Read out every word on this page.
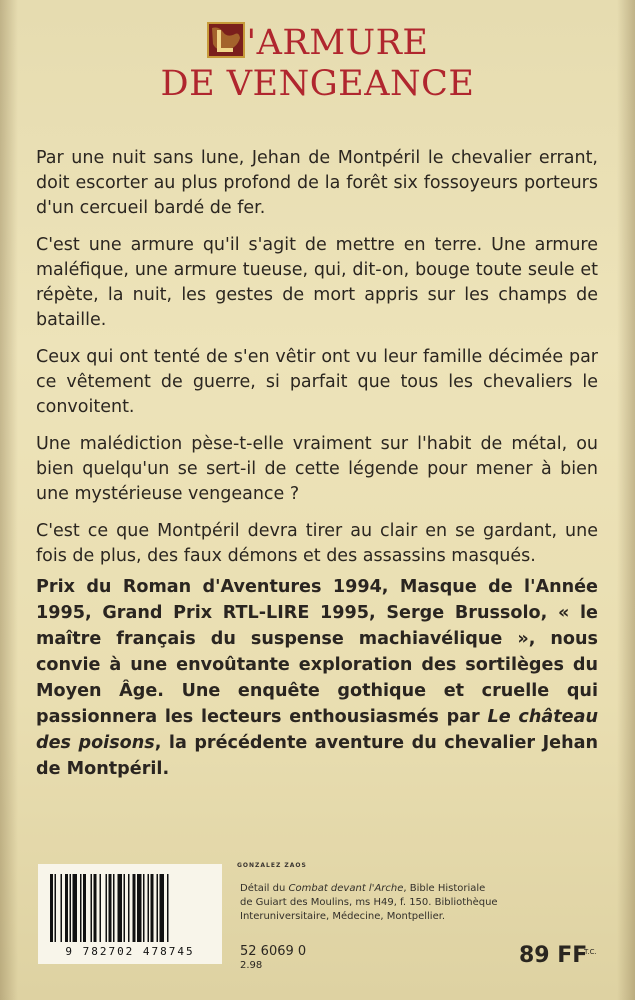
'ARMURE
DE VENGEANCE

Par une nuit sans lune, Jehan de Montpéril le chevalier errant, doit escorter au plus profond de la forêt six fossoyeurs porteurs d'un cercueil bardé de fer.

C'est une armure qu'il s'agit de mettre en terre. Une armure maléfique, une armure tueuse, qui, dit-on, bouge toute seule et répète, la nuit, les gestes de mort appris sur les champs de bataille.

Ceux qui ont tenté de s'en vêtir ont vu leur famille décimée par ce vêtement de guerre, si parfait que tous les chevaliers le convoitent.

Une malédiction pèse-t-elle vraiment sur l'habit de métal, ou bien quelqu'un se sert-il de cette légende pour mener à bien une mystérieuse vengeance ?

C'est ce que Montpéril devra tirer au clair en se gardant, une fois de plus, des faux démons et des assassins masqués.

Prix du Roman d'Aventures 1994, Masque de l'Année 1995, Grand Prix RTL-LIRE 1995, Serge Brussolo, « le maître français du suspense machiavélique », nous convie à une envoûtante exploration des sortilèges du Moyen Âge. Une enquête gothique et cruelle qui passionnera les lecteurs enthousiasmés par Le château des poisons, la précédente aventure du chevalier Jehan de Montpéril.

9 782702 478745
GONZALEZ ZAOS
Détail du Combat devant l'Arche, Bible Historiale de Guiart des Moulins, ms H49, f. 150. Bibliothèque Interuniversitaire, Médecine, Montpellier.
52 6069 0
2.98	89 FF
T.C.
